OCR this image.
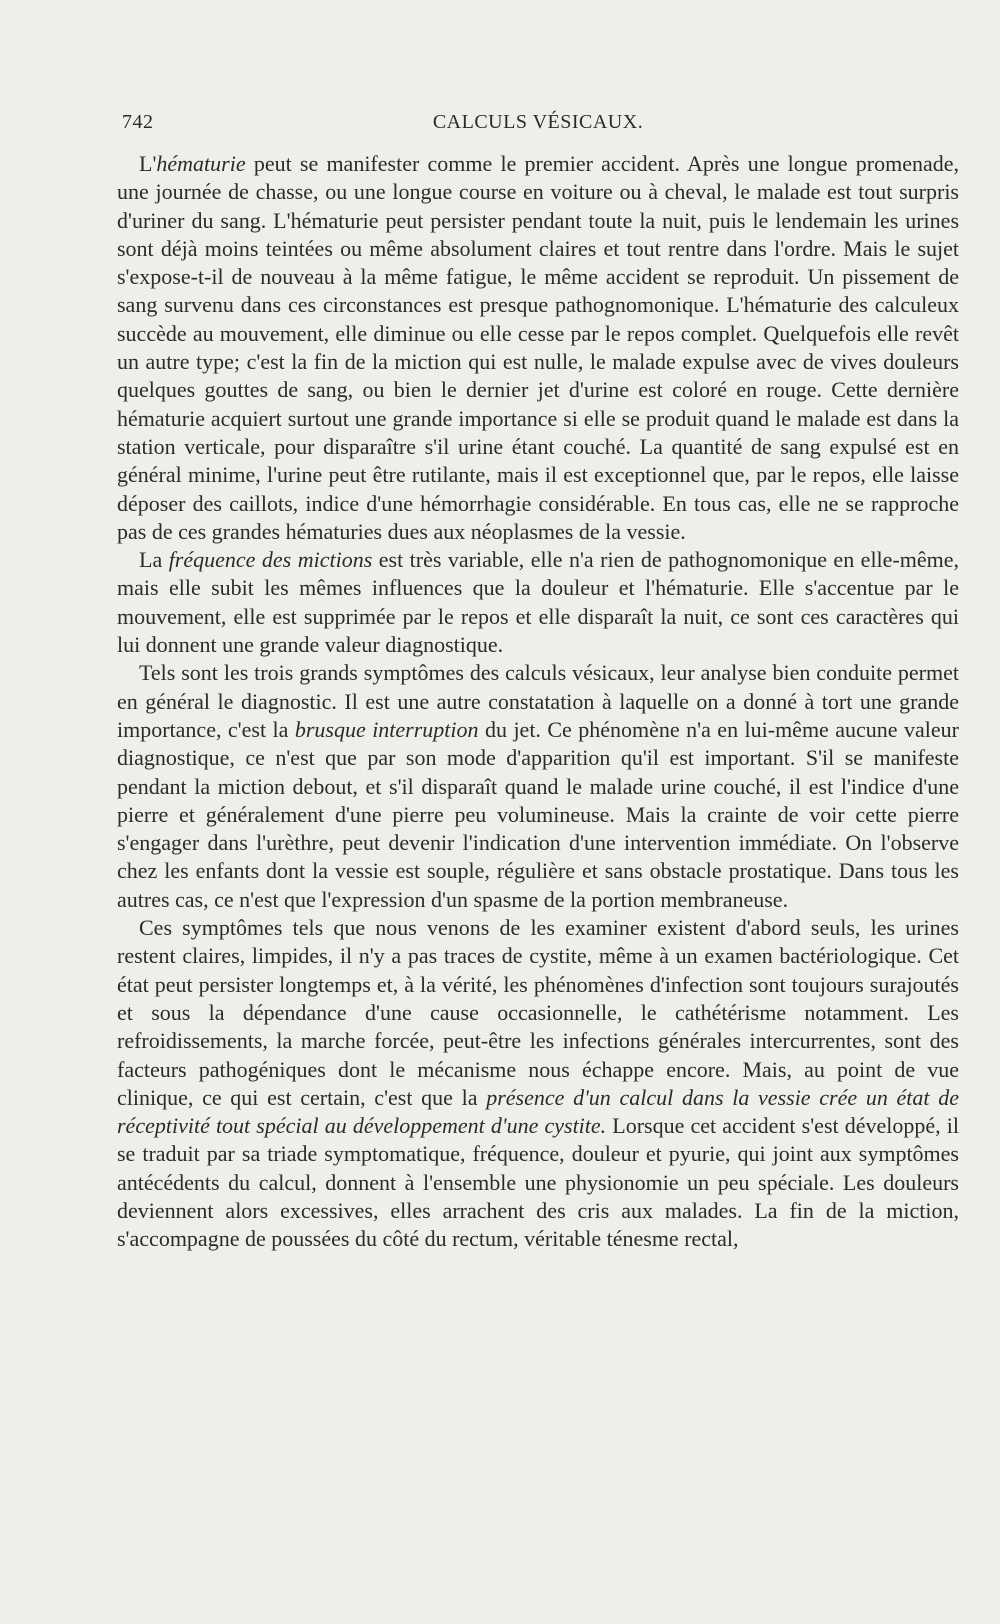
742	CALCULS VÉSICAUX.

L'hématurie peut se manifester comme le premier accident. Après une longue promenade, une journée de chasse, ou une longue course en voiture ou à cheval, le malade est tout surpris d'uriner du sang. L'hématurie peut persister pendant toute la nuit, puis le lendemain les urines sont déjà moins teintées ou même absolument claires et tout rentre dans l'ordre. Mais le sujet s'expose-t-il de nouveau à la même fatigue, le même accident se reproduit. Un pissement de sang survenu dans ces circonstances est presque pathognomonique. L'hématurie des calculeux succède au mouvement, elle diminue ou elle cesse par le repos complet. Quelquefois elle revêt un autre type; c'est la fin de la miction qui est nulle, le malade expulse avec de vives douleurs quelques gouttes de sang, ou bien le dernier jet d'urine est coloré en rouge. Cette dernière hématurie acquiert surtout une grande importance si elle se produit quand le malade est dans la station verticale, pour disparaître s'il urine étant couché. La quantité de sang expulsé est en général minime, l'urine peut être rutilante, mais il est exceptionnel que, par le repos, elle laisse déposer des caillots, indice d'une hémorrhagie considérable. En tous cas, elle ne se rapproche pas de ces grandes hématuries dues aux néoplasmes de la vessie.

La fréquence des mictions est très variable, elle n'a rien de pathognomonique en elle-même, mais elle subit les mêmes influences que la douleur et l'hématurie. Elle s'accentue par le mouvement, elle est supprimée par le repos et elle disparaît la nuit, ce sont ces caractères qui lui donnent une grande valeur diagnostique.

Tels sont les trois grands symptômes des calculs vésicaux, leur analyse bien conduite permet en général le diagnostic. Il est une autre constatation à laquelle on a donné à tort une grande importance, c'est la brusque interruption du jet. Ce phénomène n'a en lui-même aucune valeur diagnostique, ce n'est que par son mode d'apparition qu'il est important. S'il se manifeste pendant la miction debout, et s'il disparaît quand le malade urine couché, il est l'indice d'une pierre et généralement d'une pierre peu volumineuse. Mais la crainte de voir cette pierre s'engager dans l'urèthre, peut devenir l'indication d'une intervention immédiate. On l'observe chez les enfants dont la vessie est souple, régulière et sans obstacle prostatique. Dans tous les autres cas, ce n'est que l'expression d'un spasme de la portion membraneuse.

Ces symptômes tels que nous venons de les examiner existent d'abord seuls, les urines restent claires, limpides, il n'y a pas traces de cystite, même à un examen bactériologique. Cet état peut persister longtemps et, à la vérité, les phénomènes d'infection sont toujours surajoutés et sous la dépendance d'une cause occasionnelle, le cathétérisme notamment. Les refroidissements, la marche forcée, peut-être les infections générales intercurrentes, sont des facteurs pathogéniques dont le mécanisme nous échappe encore. Mais, au point de vue clinique, ce qui est certain, c'est que la présence d'un calcul dans la vessie crée un état de réceptivité tout spécial au développement d'une cystite. Lorsque cet accident s'est développé, il se traduit par sa triade symptomatique, fréquence, douleur et pyurie, qui joint aux symptômes antécédents du calcul, donnent à l'ensemble une physionomie un peu spéciale. Les douleurs deviennent alors excessives, elles arrachent des cris aux malades. La fin de la miction, s'accompagne de poussées du côté du rectum, véritable ténesme rectal,
